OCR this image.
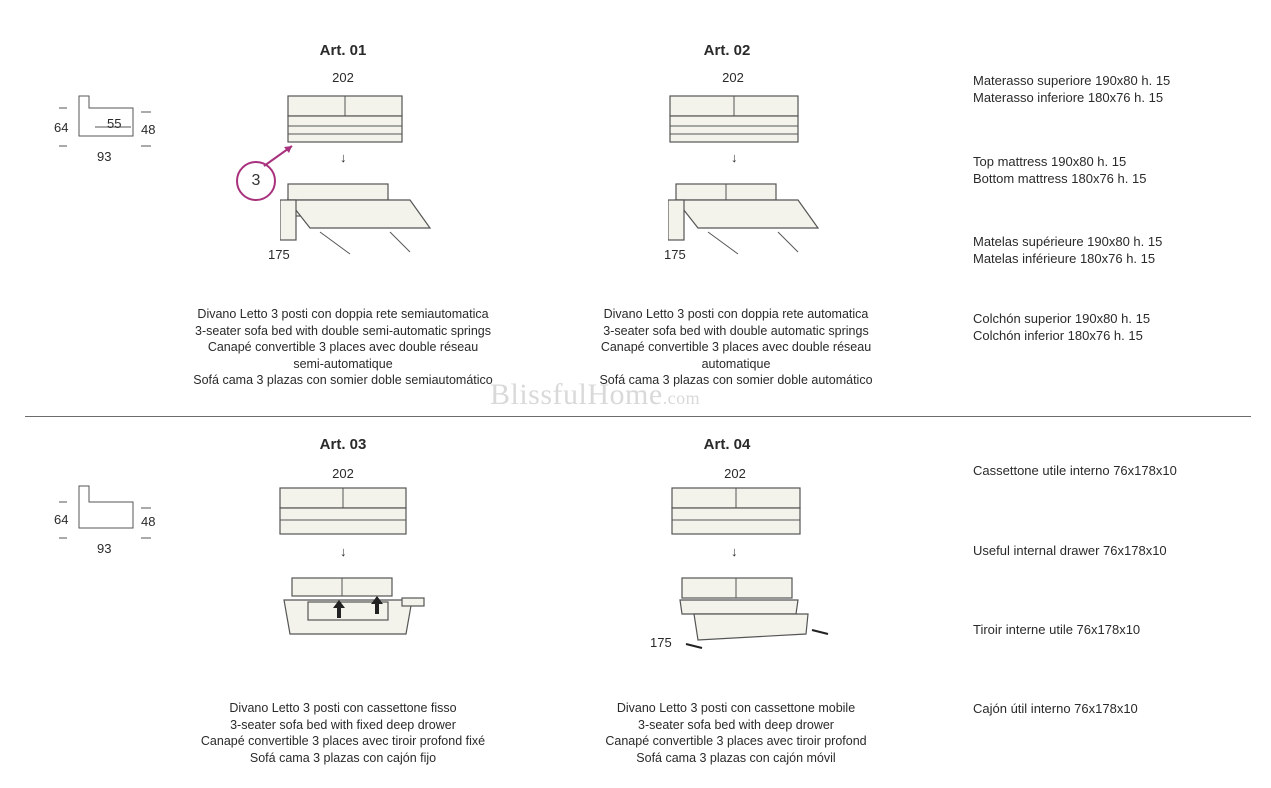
64	55 48
93
Art. 01
202
↓
175
3
Divano Letto 3 posti con doppia rete semiautomatica
3-seater sofa bed with double semi-automatic springs
Canapé convertible 3 places avec double réseau
semi-automatique
Sofá cama 3 plazas con somier doble semiautomático
Art. 02
202
↓
175
Divano Letto 3 posti con doppia rete automatica
3-seater sofa bed with double automatic springs
Canapé convertible 3 places avec double réseau
automatique
Sofá cama 3 plazas con somier doble automático
Materasso superiore 190x80 h. 15
Materasso inferiore 180x76 h. 15
Top mattress 190x80 h. 15
Bottom mattress 180x76 h. 15
Matelas supérieure 190x80 h. 15
Matelas inférieure 180x76 h. 15
Colchón superior 190x80 h. 15
Colchón inferior 180x76 h. 15
BlissfulHome.com
64	48
93
Art. 03
202
↓
Divano Letto 3 posti con cassettone fisso
3-seater sofa bed with fixed deep drower
Canapé convertible 3 places avec tiroir profond fixé
Sofá cama 3 plazas con cajón fijo
Art. 04
202
↓
175
Divano Letto 3 posti con cassettone mobile
3-seater sofa bed with deep drower
Canapé convertible 3 places avec tiroir profond
Sofá cama 3 plazas con cajón móvil
Cassettone utile interno 76x178x10
Useful internal drawer 76x178x10
Tiroir interne utile 76x178x10
Cajón útil interno 76x178x10
